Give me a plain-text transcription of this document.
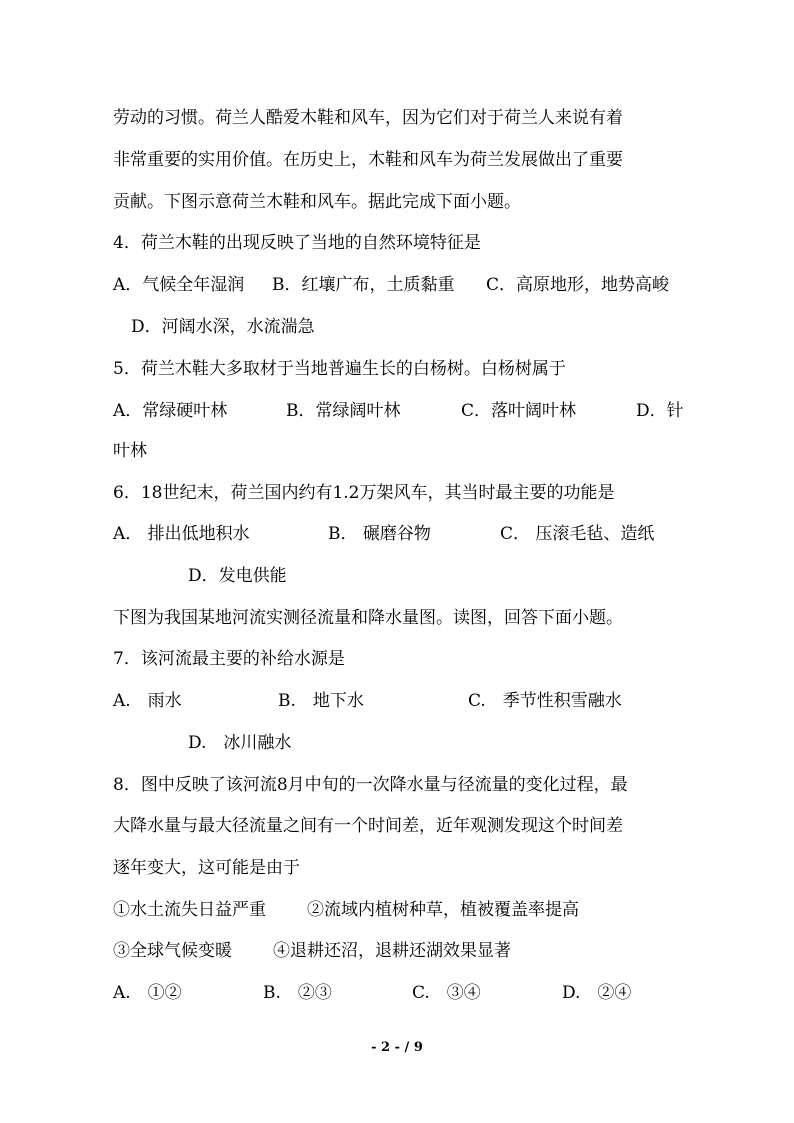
劳动的习惯。荷兰人酷爱木鞋和风车，因为它们对于荷兰人来说有着

非常重要的实用价值。在历史上，木鞋和风车为荷兰发展做出了重要

贡献。下图示意荷兰木鞋和风车。据此完成下面小题。

4．荷兰木鞋的出现反映了当地的自然环境特征是

A．气候全年湿润 B．红壤广布，土质黏重 C．高原地形，地势高峻

D．河阔水深，水流湍急

5．荷兰木鞋大多取材于当地普遍生长的白杨树。白杨树属于

A．常绿硬叶林	B．常绿阔叶林	C．落叶阔叶林	D．针

叶林

6．18世纪末，荷兰国内约有1.2万架风车，其当时最主要的功能是

A． 排出低地积水	B． 碾磨谷物	C． 压滚毛毡、造纸

D．发电供能

下图为我国某地河流实测径流量和降水量图。读图，回答下面小题。

7．该河流最主要的补给水源是

A.　雨水	B.　地下水	C.　季节性积雪融水

D.　冰川融水

8．图中反映了该河流8月中旬的一次降水量与径流量的变化过程，最

大降水量与最大径流量之间有一个时间差，近年观测发现这个时间差

逐年变大，这可能是由于

①水土流失日益严重 ②流域内植树种草，植被覆盖率提高
③全球气候变暖 ④退耕还沼，退耕还湖效果显著
A.　①②	B.　②③	C.　③④	D.　②④
- 2 - / 9
